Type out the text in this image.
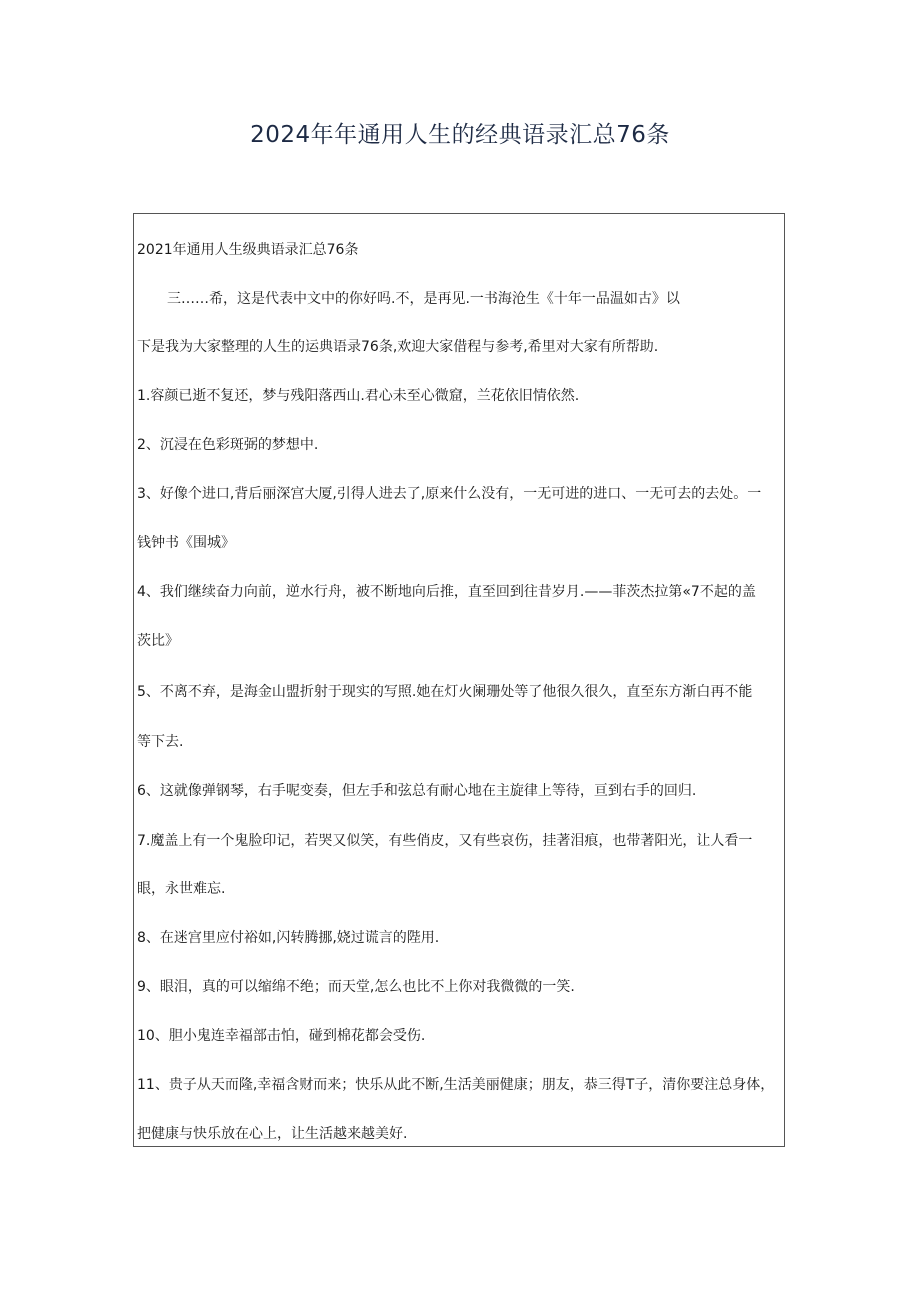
2024年年通用人生的经典语录汇总76条
2021年通用人生级典语录汇总76条
三……希，这是代表中文中的你好吗.不，是再见.一书海沧生《十年一品温如古》以
下是我为大家整理的人生的运典语录76条,欢迎大家借程与参考,希里对大家有所帮助.
1.容颜已逝不复还，梦与残阳落西山.君心未至心微窟，兰花依旧情依然.
2、沉浸在色彩斑弼的梦想中.
3、好像个进口,背后丽深宫大厦,引得人进去了,原来什么没有，一无可进的进口、一无可去的去处。一
钱钟书《围城》
4、我们继续奋力向前，逆水行舟，被不断地向后推，直至回到往昔岁月.——菲茨杰拉第«7不起的盖
茨比》
5、不离不弃，是海金山盟折射于现实的写照.她在灯火阑珊处等了他很久很久，直至东方渐白再不能
等下去.
6、这就像弹钢琴，右手呢变奏，但左手和弦总有耐心地在主旋律上等待，亘到右手的回归.
7.魔盖上有一个鬼脸印记，若哭又似笑，有些俏皮，又有些哀伤，挂著泪痕，也带著阳光，让人看一
眼，永世难忘.
8、在迷宫里应付裕如,闪转腾挪,娆过谎言的陛用.
9、眼泪，真的可以缩绵不绝；而天堂,怎么也比不上你对我微微的一笑.
10、胆小鬼连幸福部击怕，碰到棉花都会受伤.
11、贵子从天而隆,幸福含财而来；快乐从此不断,生活美丽健康；朋友，恭三得T子，清你要注总身体，
把健康与快乐放在心上，让生活越来越美好.
